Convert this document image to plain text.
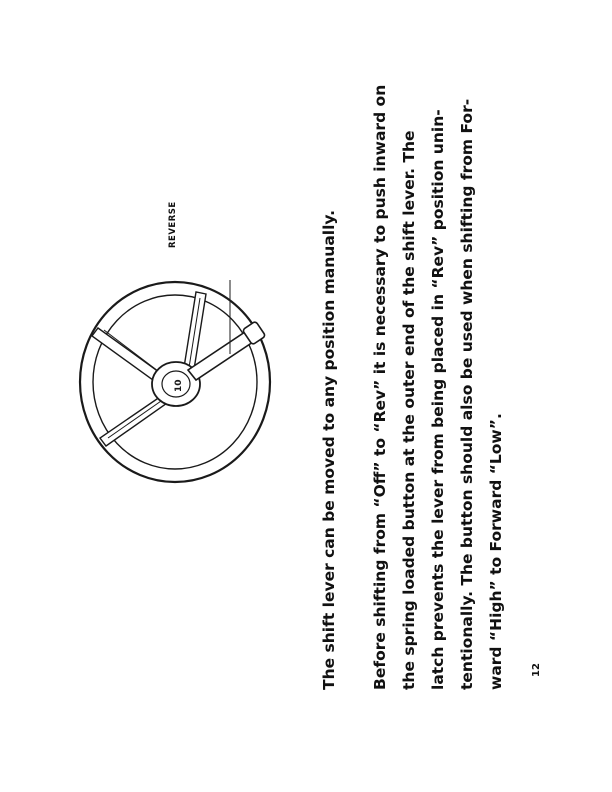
10
REVERSE	The shift lever can be moved to any position manually.	Before shifting from “Off” to “Rev” it is necessary to push inward on the spring loaded button at the outer end of the shift lever. The latch prevents the lever from being placed in “Rev” position unin- tentionally. The button should also be used when shifting from For- ward “High” to Forward “Low”.	12
